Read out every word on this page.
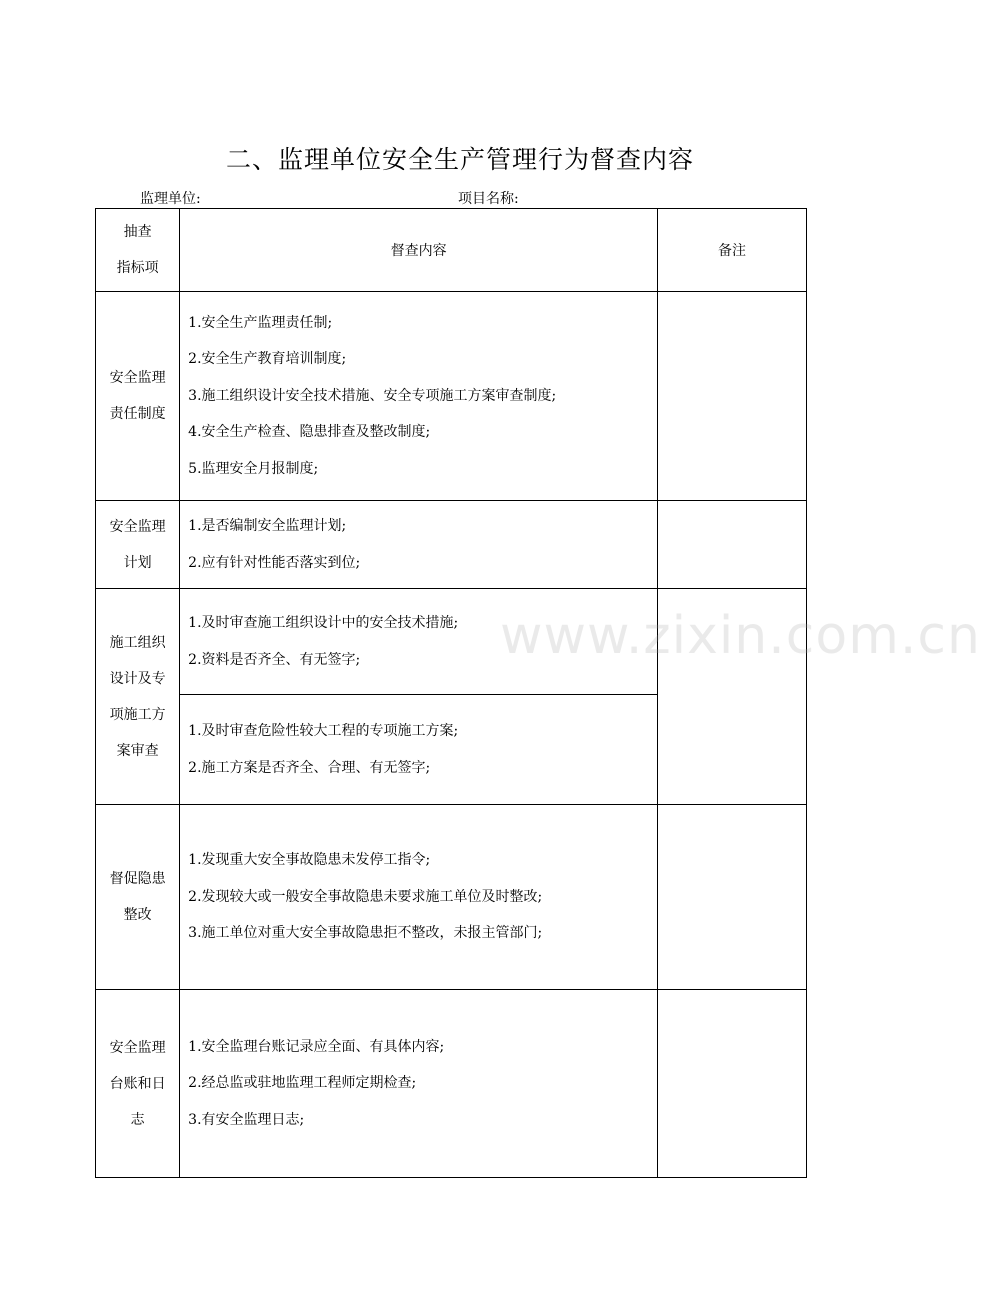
二、监理单位安全生产管理行为督查内容
监理单位:	项目名称:
抽查
指标项	督查内容	备注

安全监理
责任制度	1.安全生产监理责任制;
2.安全生产教育培训制度;
3.施工组织设计安全技术措施、安全专项施工方案审查制度;
4.安全生产检查、隐患排查及整改制度;
5.监理安全月报制度;	

安全监理
计划	1.是否编制安全监理计划;
2.应有针对性能否落实到位;	

施工组织
设计及专
项施工方
案审查	1.及时审查施工组织设计中的安全技术措施;
2.资料是否齐全、有无签字;	

	1.及时审查危险性较大工程的专项施工方案;
2.施工方案是否齐全、合理、有无签字;	

督促隐患
整改	1.发现重大安全事故隐患未发停工指令;
2.发现较大或一般安全事故隐患未要求施工单位及时整改;
3.施工单位对重大安全事故隐患拒不整改，未报主管部门;	

安全监理
台账和日
志	1.安全监理台账记录应全面、有具体内容;
2.经总监或驻地监理工程师定期检查;
3.有安全监理日志;	

www.zixin.com.cn
